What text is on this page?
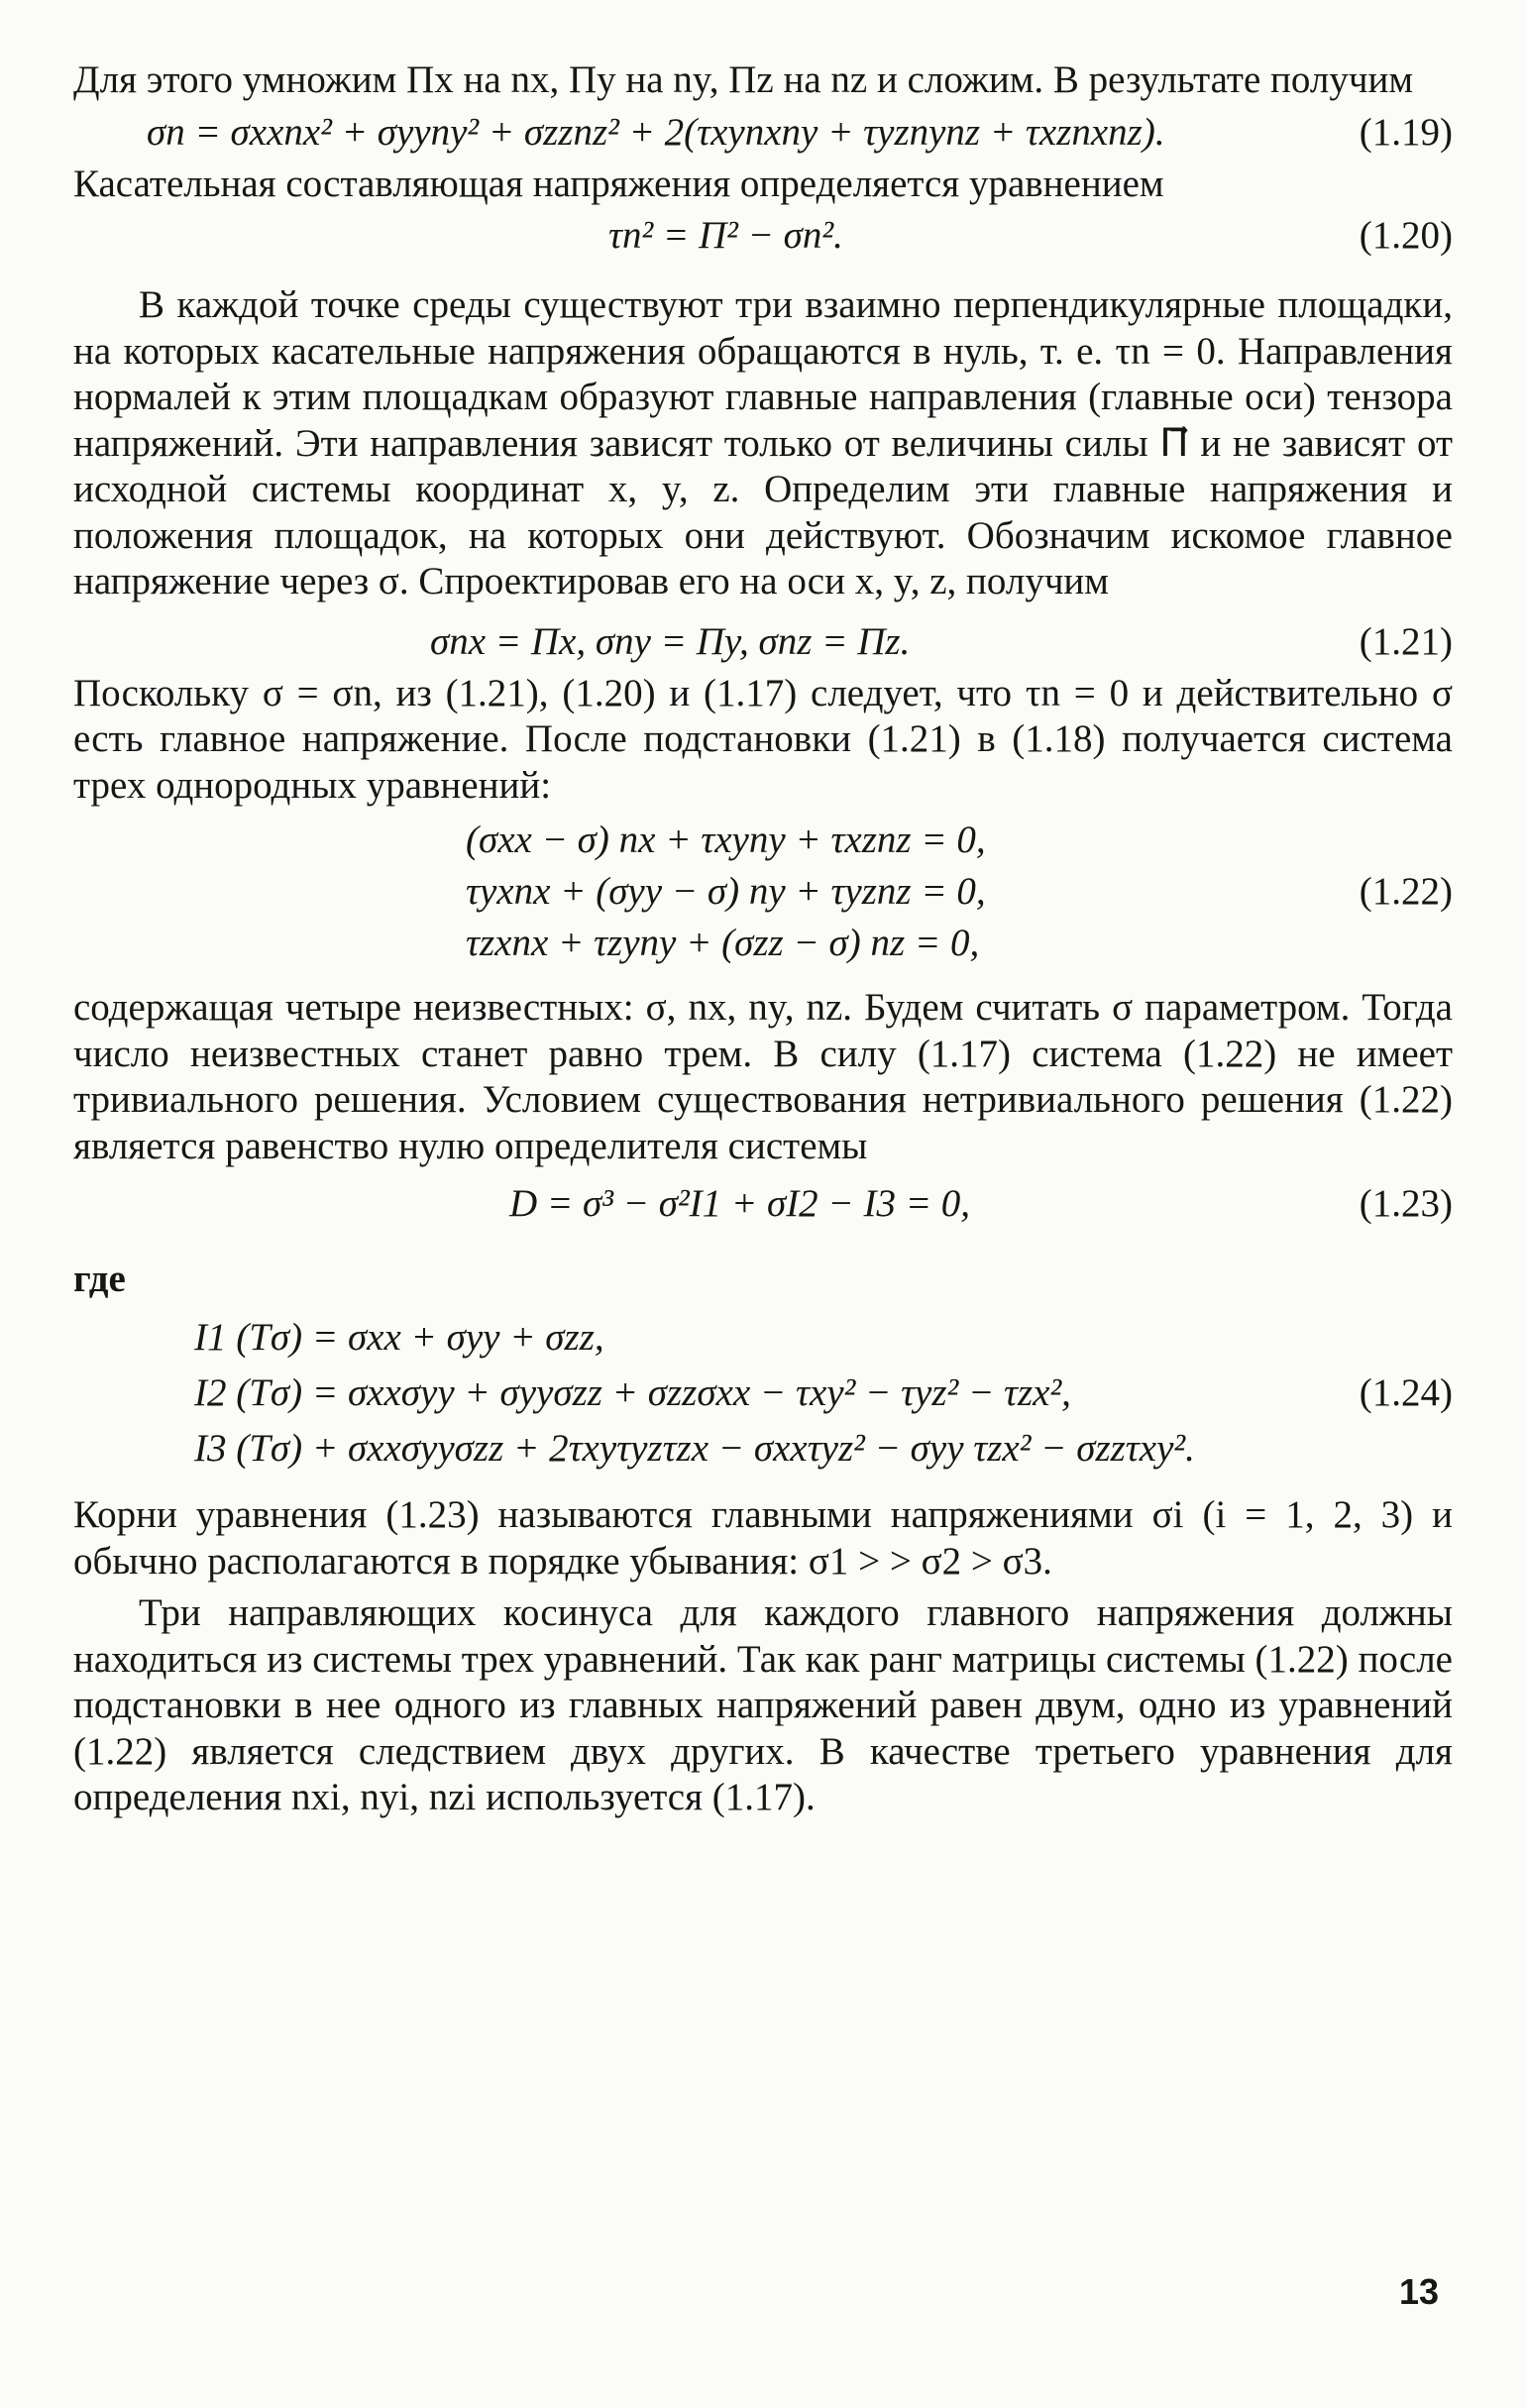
Для этого умножим Πx на nx, Πy на ny, Πz на nz и сложим. В результате получим

σn = σxxnx² + σyyny² + σzznz² + 2(τxynxny + τyznynz + τxznxnz).	(1.19)

Касательная составляющая напряжения определяется уравнением

τn² = Π² − σn².	(1.20)

В каждой точке среды существуют три взаимно перпендикулярные площадки, на которых касательные напряжения обращаются в нуль, т. е. τn = 0. Направления нормалей к этим площадкам образуют главные направления (главные оси) тензора напряжений. Эти направления зависят только от величины силы Π⃗ и не зависят от исходной системы координат x, y, z. Определим эти главные напряжения и положения площадок, на которых они действуют. Обозначим искомое главное напряжение через σ. Спроектировав его на оси x, y, z, получим

σnx = Πx, σny = Πy, σnz = Πz.	(1.21)

Поскольку σ = σn, из (1.21), (1.20) и (1.17) следует, что τn = 0 и действительно σ есть главное напряжение. После подстановки (1.21) в (1.18) получается система трех однородных уравнений:

(σxx − σ) nx + τxyny + τxznz = 0,
τyxnx + (σyy − σ) ny + τyznz = 0,
τzxnx + τzyny + (σzz − σ) nz = 0,
(1.22)

содержащая четыре неизвестных: σ, nx, ny, nz. Будем считать σ параметром. Тогда число неизвестных станет равно трем. В силу (1.17) система (1.22) не имеет тривиального решения. Условием существования нетривиального решения (1.22) является равенство нулю определителя системы

D = σ³ − σ²I1 + σI2 − I3 = 0,	(1.23)
где
I1 (Tσ) = σxx + σyy + σzz,
I2 (Tσ) = σxxσyy + σyyσzz + σzzσxx − τxy² − τyz² − τzx²,
I3 (Tσ) + σxxσyyσzz + 2τxyτyzτzx − σxxτyz² − σyy τzx² − σzzτxy².
(1.24)

Корни уравнения (1.23) называются главными напряжениями σi (i = 1, 2, 3) и обычно располагаются в порядке убывания: σ1 > > σ2 > σ3.

Три направляющих косинуса для каждого главного напряжения должны находиться из системы трех уравнений. Так как ранг матрицы системы (1.22) после подстановки в нее одного из главных напряжений равен двум, одно из уравнений (1.22) является следствием двух других. В качестве третьего уравнения для определения nxi, nyi, nzi используется (1.17).

13
